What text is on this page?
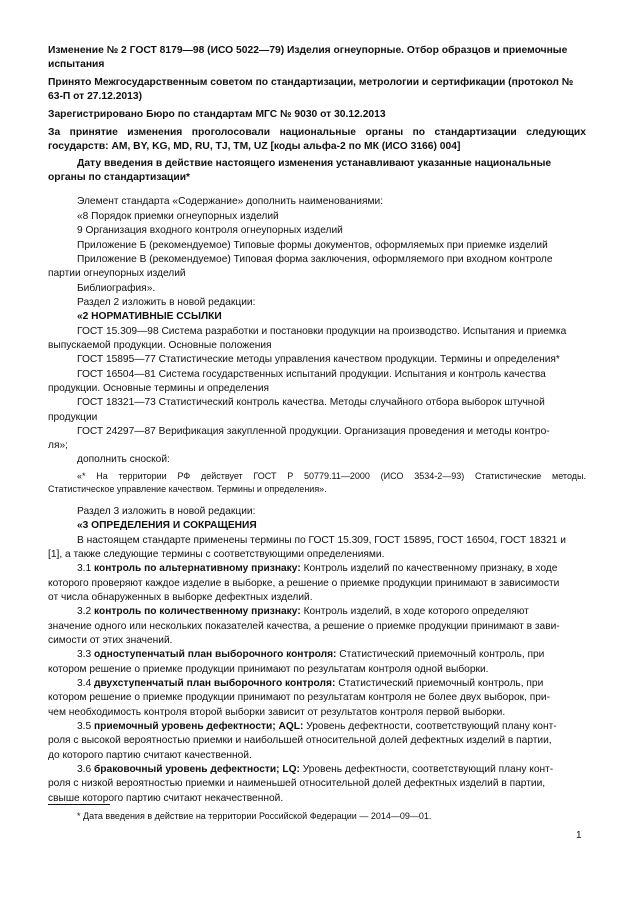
Изменение № 2 ГОСТ 8179—98 (ИСО 5022—79) Изделия огнеупорные. Отбор образцов и приемочные испытания

Принято Межгосударственным советом по стандартизации, метрологии и сертификации (протокол № 63-П от 27.12.2013)

Зарегистрировано Бюро по стандартам МГС № 9030 от 30.12.2013

За принятие изменения проголосовали национальные органы по стандартизации следующих государств: AM, BY, KG, MD, RU, TJ, TM, UZ [коды альфа-2 по МК (ИСО 3166) 004]

Дату введения в действие настоящего изменения устанавливают указанные национальные органы по стандартизации*

Элемент стандарта «Содержание» дополнить наименованиями:

«8 Порядок приемки огнеупорных изделий

9 Организация входного контроля огнеупорных изделий

Приложение Б (рекомендуемое) Типовые формы документов, оформляемых при приемке изделий

Приложение В (рекомендуемое) Типовая форма заключения, оформляемого при входном контроле

партии огнеупорных изделий

Библиография».

Раздел 2 изложить в новой редакции:

«2 НОРМАТИВНЫЕ ССЫЛКИ

ГОСТ 15.309—98 Система разработки и постановки продукции на производство. Испытания и приемка

выпускаемой продукции. Основные положения

ГОСТ 15895—77 Статистические методы управления качеством продукции. Термины и определения*

ГОСТ 16504—81 Система государственных испытаний продукции. Испытания и контроль качества

продукции. Основные термины и определения

ГОСТ 18321—73 Статистический контроль качества. Методы случайного отбора выборок штучной

продукции

ГОСТ 24297—87 Верификация закупленной продукции. Организация проведения и методы контро-

ля»;

дополнить сноской:

«* На территории РФ действует ГОСТ Р 50779.11—2000 (ИСО 3534-2—93) Статистические методы.

Статистическое управление качеством. Термины и определения».

Раздел 3 изложить в новой редакции:

«3 ОПРЕДЕЛЕНИЯ И СОКРАЩЕНИЯ

В настоящем стандарте применены термины по ГОСТ 15.309, ГОСТ 15895, ГОСТ 16504, ГОСТ 18321 и

[1], а также следующие термины с соответствующими определениями.

3.1 контроль по альтернативному признаку: Контроль изделий по качественному признаку, в ходе

которого проверяют каждое изделие в выборке, а решение о приемке продукции принимают в зависимости

от числа обнаруженных в выборке дефектных изделий.

3.2 контроль по количественному признаку: Контроль изделий, в ходе которого определяют

значение одного или нескольких показателей качества, а решение о приемке продукции принимают в зави-

симости от этих значений.

3.3 одноступенчатый план выборочного контроля: Статистический приемочный контроль, при

котором решение о приемке продукции принимают по результатам контроля одной выборки.

3.4 двухступенчатый план выборочного контроля: Статистический приемочный контроль, при

котором решение о приемке продукции принимают по результатам контроля не более двух выборок, при-

чем необходимость контроля второй выборки зависит от результатов контроля первой выборки.

3.5 приемочный уровень дефектности; AQL: Уровень дефектности, соответствующий плану конт-

роля с высокой вероятностью приемки и наибольшей относительной долей дефектных изделий в партии,

до которого партию считают качественной.

3.6 браковочный уровень дефектности; LQ: Уровень дефектности, соответствующий плану конт-

роля с низкой вероятностью приемки и наименьшей относительной долей дефектных изделий в партии,

свыше которого партию считают некачественной.

* Дата введения в действие на территории Российской Федерации — 2014—09—01.

1
